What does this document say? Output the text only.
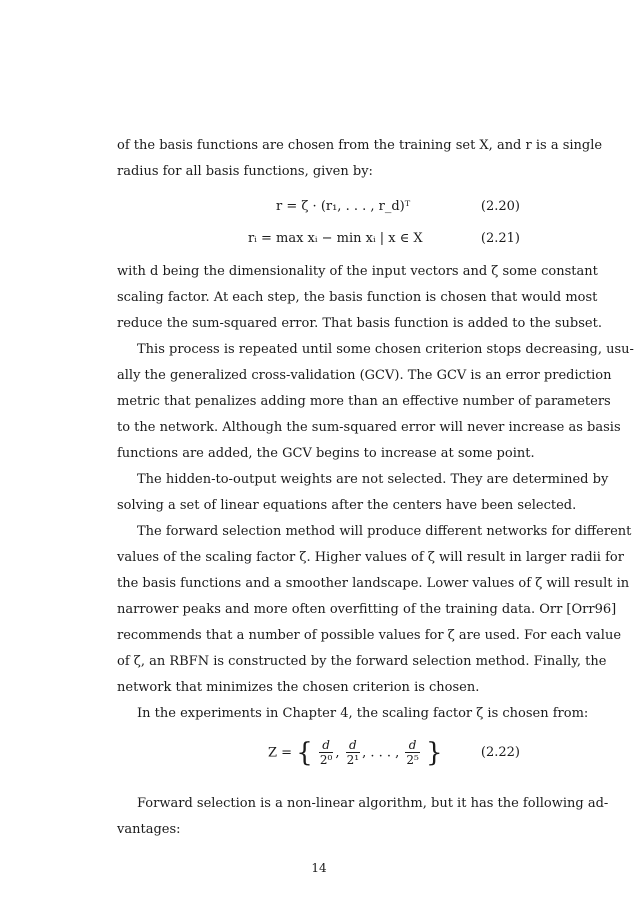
of the basis functions are chosen from the training set X, and r is a single
radius for all basis functions, given by:
r = ζ · (r₁, . . . , r_d)ᵀ	(2.20)
rᵢ = max xᵢ − min xᵢ | x ∈ X	(2.21)
with d being the dimensionality of the input vectors and ζ some constant
scaling factor. At each step, the basis function is chosen that would most
reduce the sum-squared error. That basis function is added to the subset.
This process is repeated until some chosen criterion stops decreasing, usu-
ally the generalized cross-validation (GCV). The GCV is an error prediction
metric that penalizes adding more than an effective number of parameters
to the network. Although the sum-squared error will never increase as basis
functions are added, the GCV begins to increase at some point.
The hidden-to-output weights are not selected. They are determined by
solving a set of linear equations after the centers have been selected.
The forward selection method will produce different networks for different
values of the scaling factor ζ. Higher values of ζ will result in larger radii for
the basis functions and a smoother landscape. Lower values of ζ will result in
narrower peaks and more often overfitting of the training data. Orr [Orr96]
recommends that a number of possible values for ζ are used. For each value
of ζ, an RBFN is constructed by the forward selection method. Finally, the
network that minimizes the chosen criterion is chosen.
In the experiments in Chapter 4, the scaling factor ζ is chosen from:
Z = { $\frac{d}{\text{2⁰}}$ , $\frac{d}{\text{2¹}}$ , . . . , $\frac{d}{\text{2⁵}}$ }	(2.22)
Forward selection is a non-linear algorithm, but it has the following ad-
vantages:
14
